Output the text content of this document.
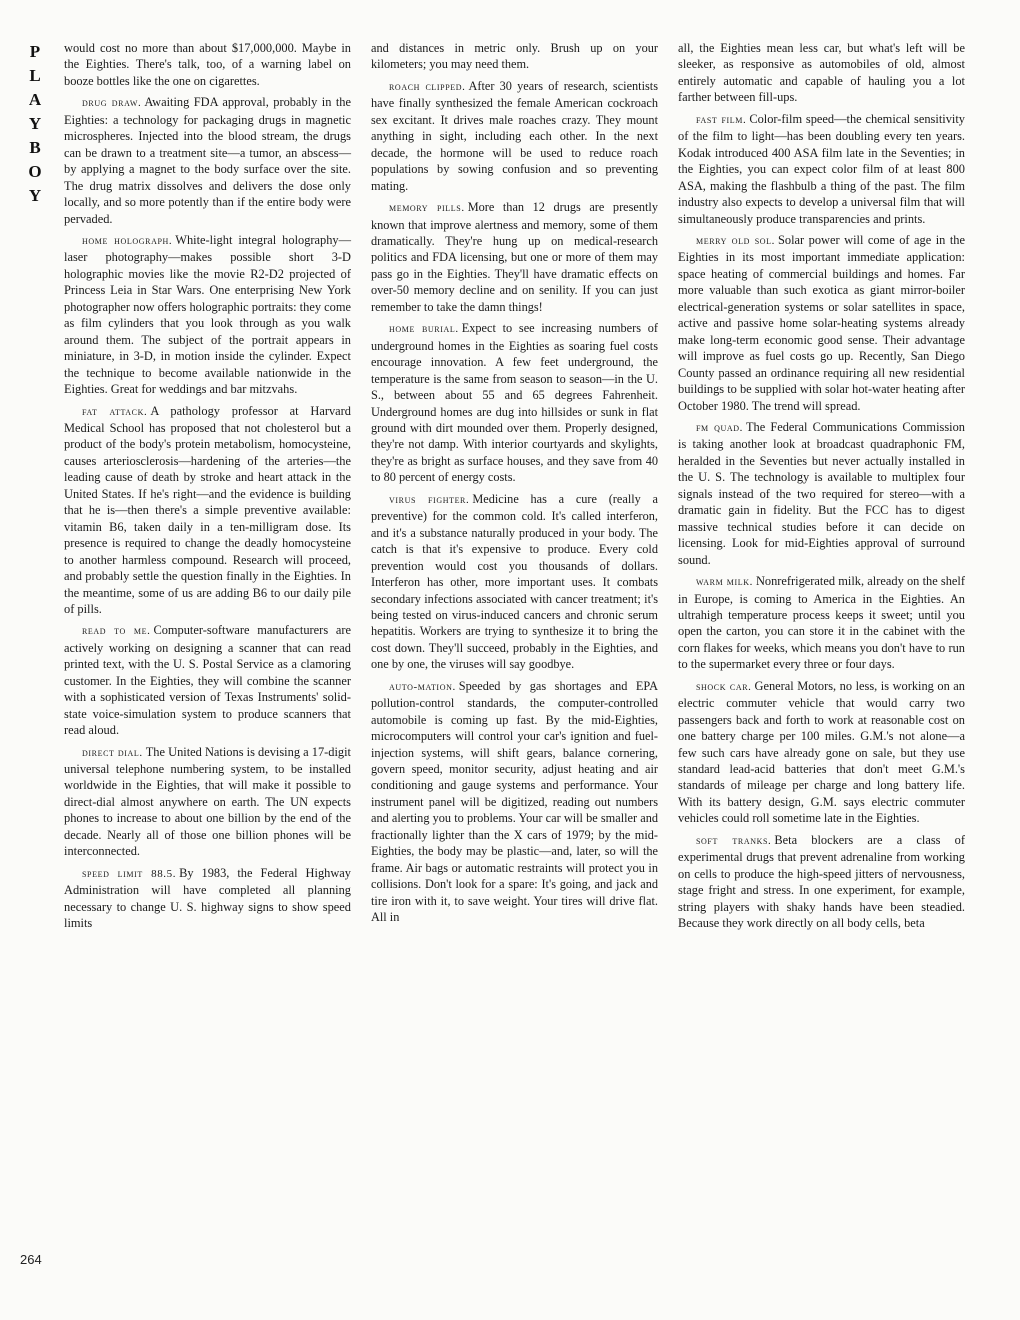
P
L
A
Y
B
O
Y

would cost no more than about $17,000,000. Maybe in the Eighties. There's talk, too, of a warning label on booze bottles like the one on cigarettes.

drug draw. Awaiting FDA approval, probably in the Eighties: a technology for packaging drugs in magnetic microspheres. Injected into the blood stream, the drugs can be drawn to a treatment site—a tumor, an abscess—by applying a magnet to the body surface over the site. The drug matrix dissolves and delivers the dose only locally, and so more potently than if the entire body were pervaded.

home holograph. White-light integral holography—laser photography—makes possible short 3-D holographic movies like the movie R2-D2 projected of Princess Leia in Star Wars. One enterprising New York photographer now offers holographic portraits: they come as film cylinders that you look through as you walk around them. The subject of the portrait appears in miniature, in 3-D, in motion inside the cylinder. Expect the technique to become available nationwide in the Eighties. Great for weddings and bar mitzvahs.

fat attack. A pathology professor at Harvard Medical School has proposed that not cholesterol but a product of the body's protein metabolism, homocysteine, causes arteriosclerosis—hardening of the arteries—the leading cause of death by stroke and heart attack in the United States. If he's right—and the evidence is building that he is—then there's a simple preventive available: vitamin B6, taken daily in a ten-milligram dose. Its presence is required to change the deadly homocysteine to another harmless compound. Research will proceed, and probably settle the question finally in the Eighties. In the meantime, some of us are adding B6 to our daily pile of pills.

read to me. Computer-software manufacturers are actively working on designing a scanner that can read printed text, with the U. S. Postal Service as a clamoring customer. In the Eighties, they will combine the scanner with a sophisticated version of Texas Instruments' solid-state voice-simulation system to produce scanners that read aloud.

direct dial. The United Nations is devising a 17-digit universal telephone numbering system, to be installed worldwide in the Eighties, that will make it possible to direct-dial almost anywhere on earth. The UN expects phones to increase to about one billion by the end of the decade. Nearly all of those one billion phones will be interconnected.

speed limit 88.5. By 1983, the Federal Highway Administration will have completed all planning necessary to change U. S. highway signs to show speed limits

and distances in metric only. Brush up on your kilometers; you may need them.

roach clipped. After 30 years of research, scientists have finally synthesized the female American cockroach sex excitant. It drives male roaches crazy. They mount anything in sight, including each other. In the next decade, the hormone will be used to reduce roach populations by sowing confusion and so preventing mating.

memory pills. More than 12 drugs are presently known that improve alertness and memory, some of them dramatically. They're hung up on medical-research politics and FDA licensing, but one or more of them may pass go in the Eighties. They'll have dramatic effects on over-50 memory decline and on senility. If you can just remember to take the damn things!

home burial. Expect to see increasing numbers of underground homes in the Eighties as soaring fuel costs encourage innovation. A few feet underground, the temperature is the same from season to season—in the U. S., between about 55 and 65 degrees Fahrenheit. Underground homes are dug into hillsides or sunk in flat ground with dirt mounded over them. Properly designed, they're not damp. With interior courtyards and skylights, they're as bright as surface houses, and they save from 40 to 80 percent of energy costs.

virus fighter. Medicine has a cure (really a preventive) for the common cold. It's called interferon, and it's a substance naturally produced in your body. The catch is that it's expensive to produce. Every cold prevention would cost you thousands of dollars. Interferon has other, more important uses. It combats secondary infections associated with cancer treatment; it's being tested on virus-induced cancers and chronic serum hepatitis. Workers are trying to synthesize it to bring the cost down. They'll succeed, probably in the Eighties, and one by one, the viruses will say goodbye.

auto-mation. Speeded by gas shortages and EPA pollution-control standards, the computer-controlled automobile is coming up fast. By the mid-Eighties, microcomputers will control your car's ignition and fuel-injection systems, will shift gears, balance cornering, govern speed, monitor security, adjust heating and air conditioning and gauge systems and performance. Your instrument panel will be digitized, reading out numbers and alerting you to problems. Your car will be smaller and fractionally lighter than the X cars of 1979; by the mid-Eighties, the body may be plastic—and, later, so will the frame. Air bags or automatic restraints will protect you in collisions. Don't look for a spare: It's going, and jack and tire iron with it, to save weight. Your tires will drive flat. All in

all, the Eighties mean less car, but what's left will be sleeker, as responsive as automobiles of old, almost entirely automatic and capable of hauling you a lot farther between fill-ups.

fast film. Color-film speed—the chemical sensitivity of the film to light—has been doubling every ten years. Kodak introduced 400 ASA film late in the Seventies; in the Eighties, you can expect color film of at least 800 ASA, making the flashbulb a thing of the past. The film industry also expects to develop a universal film that will simultaneously produce transparencies and prints.

merry old sol. Solar power will come of age in the Eighties in its most important immediate application: space heating of commercial buildings and homes. Far more valuable than such exotica as giant mirror-boiler electrical-generation systems or solar satellites in space, active and passive home solar-heating systems already make long-term economic good sense. Their advantage will improve as fuel costs go up. Recently, San Diego County passed an ordinance requiring all new residential buildings to be supplied with solar hot-water heating after October 1980. The trend will spread.

fm quad. The Federal Communications Commission is taking another look at broadcast quadraphonic FM, heralded in the Seventies but never actually installed in the U. S. The technology is available to multiplex four signals instead of the two required for stereo—with a dramatic gain in fidelity. But the FCC has to digest massive technical studies before it can decide on licensing. Look for mid-Eighties approval of surround sound.

warm milk. Nonrefrigerated milk, already on the shelf in Europe, is coming to America in the Eighties. An ultrahigh temperature process keeps it sweet; until you open the carton, you can store it in the cabinet with the corn flakes for weeks, which means you don't have to run to the supermarket every three or four days.

shock car. General Motors, no less, is working on an electric commuter vehicle that would carry two passengers back and forth to work at reasonable cost on one battery charge per 100 miles. G.M.'s not alone—a few such cars have already gone on sale, but they use standard lead-acid batteries that don't meet G.M.'s standards of mileage per charge and long battery life. With its battery design, G.M. says electric commuter vehicles could roll sometime late in the Eighties.

soft tranks. Beta blockers are a class of experimental drugs that prevent adrenaline from working on cells to produce the high-speed jitters of nervousness, stage fright and stress. In one experiment, for example, string players with shaky hands have been steadied. Because they work directly on all body cells, beta

264
